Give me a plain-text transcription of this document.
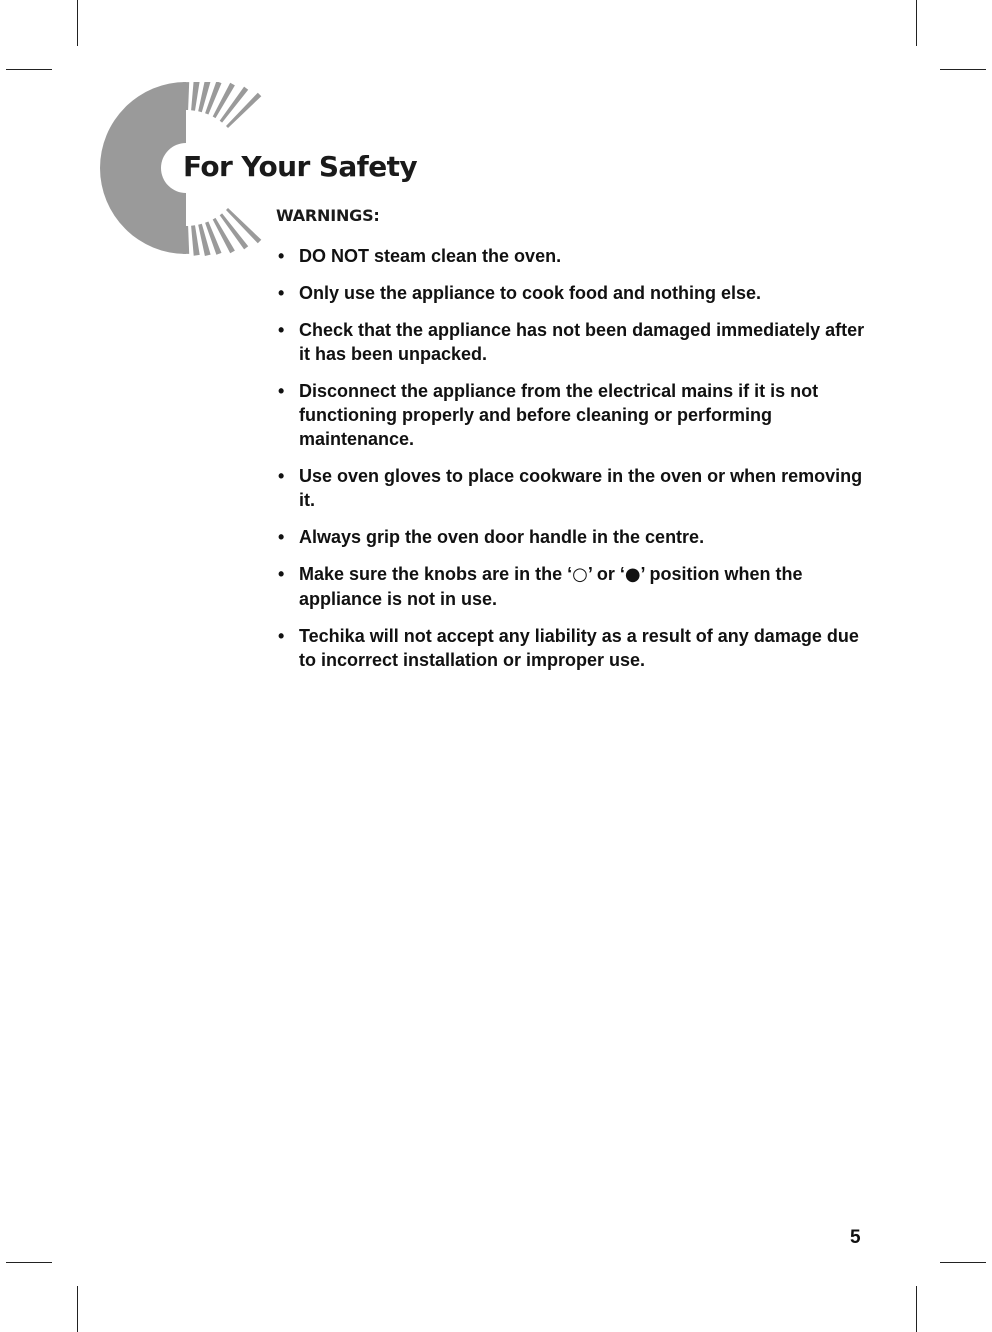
For Your Safety
WARNINGS:
• DO NOT steam clean the oven.
• Only use the appliance to cook food and nothing else.
• Check that the appliance has not been damaged immediately after it has been unpacked.
• Disconnect the appliance from the electrical mains if it is not functioning properly and before cleaning or performing maintenance.
• Use oven gloves to place cookware in the oven or when removing it.
• Always grip the oven door handle in the centre.
• Make sure the knobs are in the ‘○’ or ‘●’ position when the appliance is not in use.
• Techika will not accept any liability as a result of any damage due to incorrect installation or improper use.
5
